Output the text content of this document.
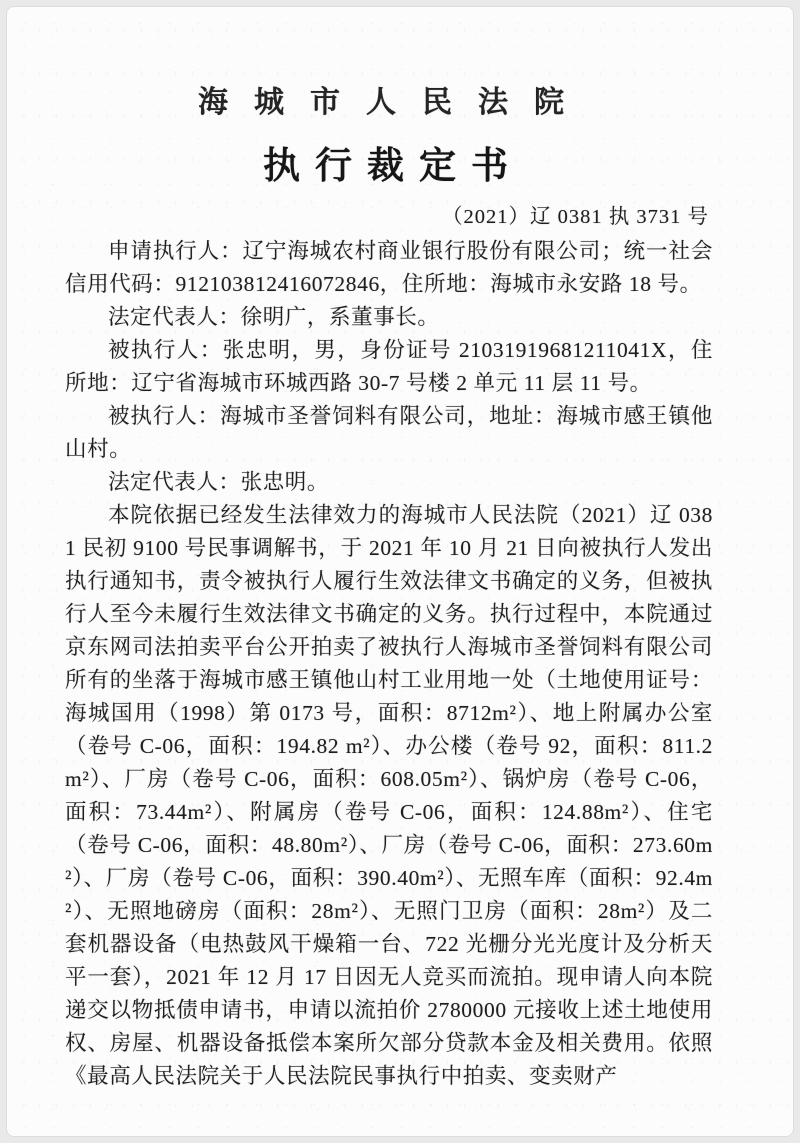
海城市人民法院
执行裁定书
（2021）辽 0381 执 3731 号

申请执行人：辽宁海城农村商业银行股份有限公司；统一社会信用代码：912103812416072846，住所地：海城市永安路 18 号。

法定代表人：徐明广，系董事长。

被执行人：张忠明，男，身份证号 21031919681211041X，住所地：辽宁省海城市环城西路 30-7 号楼 2 单元 11 层 11 号。

被执行人：海城市圣誉饲料有限公司，地址：海城市感王镇他山村。

法定代表人：张忠明。

本院依据已经发生法律效力的海城市人民法院（2021）辽 0381 民初 9100 号民事调解书，于 2021 年 10 月 21 日向被执行人发出执行通知书，责令被执行人履行生效法律文书确定的义务，但被执行人至今未履行生效法律文书确定的义务。执行过程中，本院通过京东网司法拍卖平台公开拍卖了被执行人海城市圣誉饲料有限公司所有的坐落于海城市感王镇他山村工业用地一处（土地使用证号：海城国用（1998）第 0173 号，面积：8712m²）、地上附属办公室（卷号 C-06，面积：194.82 m²）、办公楼（卷号 92，面积：811.2m²）、厂房（卷号 C-06，面积：608.05m²）、锅炉房（卷号 C-06，面积：73.44m²）、附属房（卷号 C-06，面积：124.88m²）、住宅（卷号 C-06，面积：48.80m²）、厂房（卷号 C-06，面积：273.60m²）、厂房（卷号 C-06，面积：390.40m²）、无照车库（面积：92.4m²）、无照地磅房（面积：28m²）、无照门卫房（面积：28m²）及二套机器设备（电热鼓风干燥箱一台、722 光栅分光光度计及分析天平一套），2021 年 12 月 17 日因无人竞买而流拍。现申请人向本院递交以物抵债申请书，申请以流拍价 2780000 元接收上述土地使用权、房屋、机器设备抵偿本案所欠部分贷款本金及相关费用。依照《最高人民法院关于人民法院民事执行中拍卖、变卖财产
